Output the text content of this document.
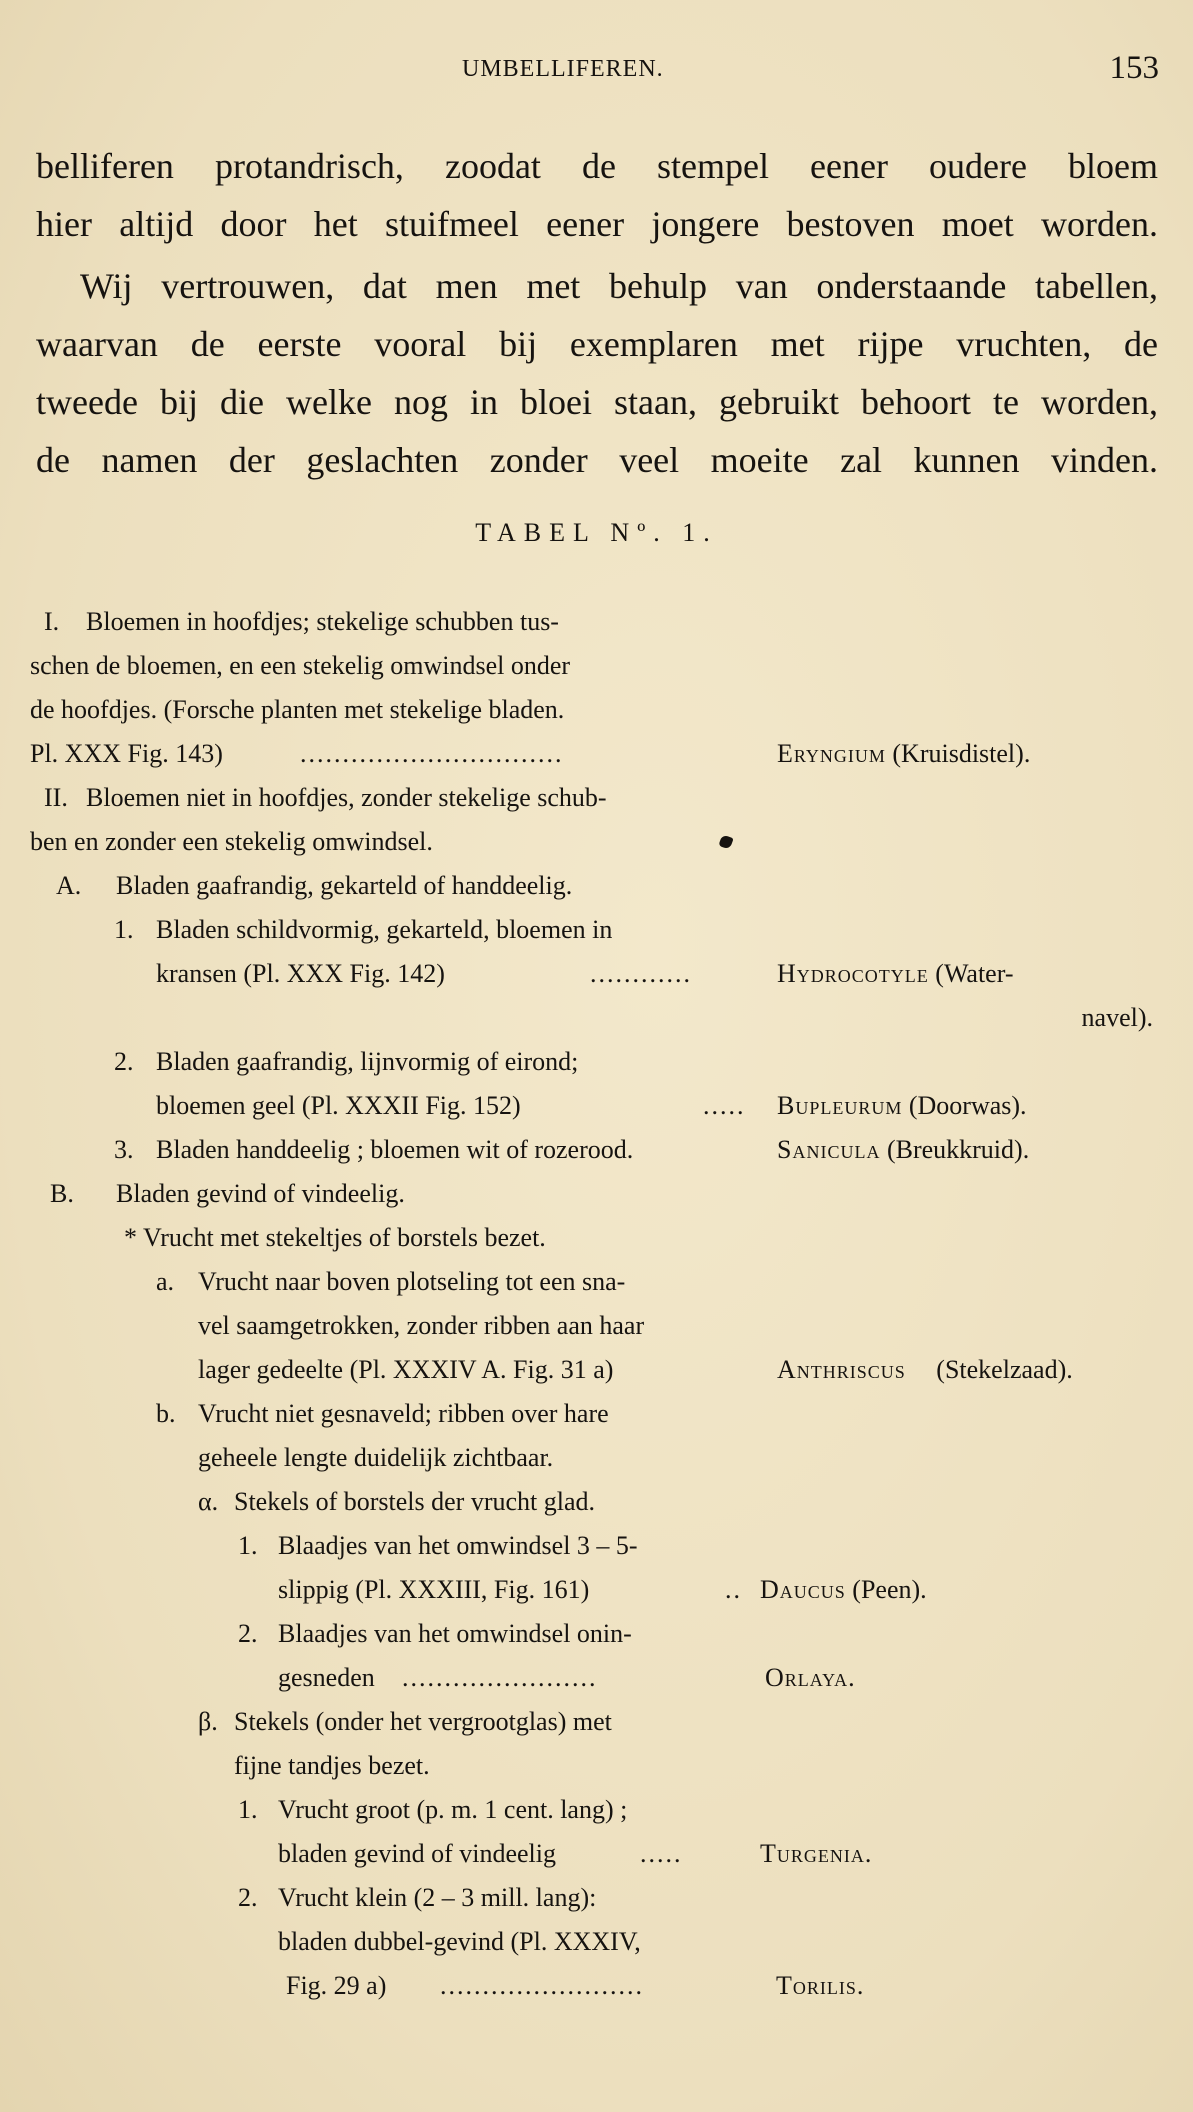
UMBELLIFEREN.	153

belliferen protandrisch, zoodat de stempel eener oudere bloem

hier altijd door het stuifmeel eener jongere bestoven moet worden.

Wij vertrouwen, dat men met behulp van onderstaande tabellen,

waarvan de eerste vooral bij exemplaren met rijpe vruchten, de

tweede bij die welke nog in bloei staan, gebruikt behoort te worden,

de namen der geslachten zonder veel moeite zal kunnen vinden.

TABEL Nº. 1.
I. Bloemen in hoofdjes; stekelige schubben tus-
schen de bloemen, en een stekelig omwindsel onder
de hoofdjes. (Forsche planten met stekelige bladen.
Pl. XXX Fig. 143)	...............................	Eryngium (Kruisdistel).
II. Bloemen niet in hoofdjes, zonder stekelige schub-
ben en zonder een stekelig omwindsel.
A. Bladen gaafrandig, gekarteld of handdeelig.
1. Bladen schildvormig, gekarteld, bloemen in
kransen (Pl. XXX Fig. 142)	............	Hydrocotyle (Water-
navel).
2. Bladen gaafrandig, lijnvormig of eirond;
bloemen geel (Pl. XXXII Fig. 152)	..... Bupleurum (Doorwas).
3. Bladen handdeelig ; bloemen wit of rozerood.	Sanicula (Breukkruid).
B. Bladen gevind of vindeelig.
* Vrucht met stekeltjes of borstels bezet.
a. Vrucht naar boven plotseling tot een sna-
vel saamgetrokken, zonder ribben aan haar
lager gedeelte (Pl. XXXIV A. Fig. 31 a)	Anthriscus (Stekelzaad).
b. Vrucht niet gesnaveld; ribben over hare
geheele lengte duidelijk zichtbaar.
α. Stekels of borstels der vrucht glad.
1. Blaadjes van het omwindsel 3 – 5-
slippig (Pl. XXXIII, Fig. 161)	.. Daucus (Peen).
2. Blaadjes van het omwindsel onin-
gesneden .......................	Orlaya.
β. Stekels (onder het vergrootglas) met
fijne tandjes bezet.
1. Vrucht groot (p. m. 1 cent. lang) ;
bladen gevind of vindeelig	.....	Turgenia.
2. Vrucht klein (2 – 3 mill. lang):
bladen dubbel-gevind (Pl. XXXIV,
Fig. 29 a) ........................	Torilis.
